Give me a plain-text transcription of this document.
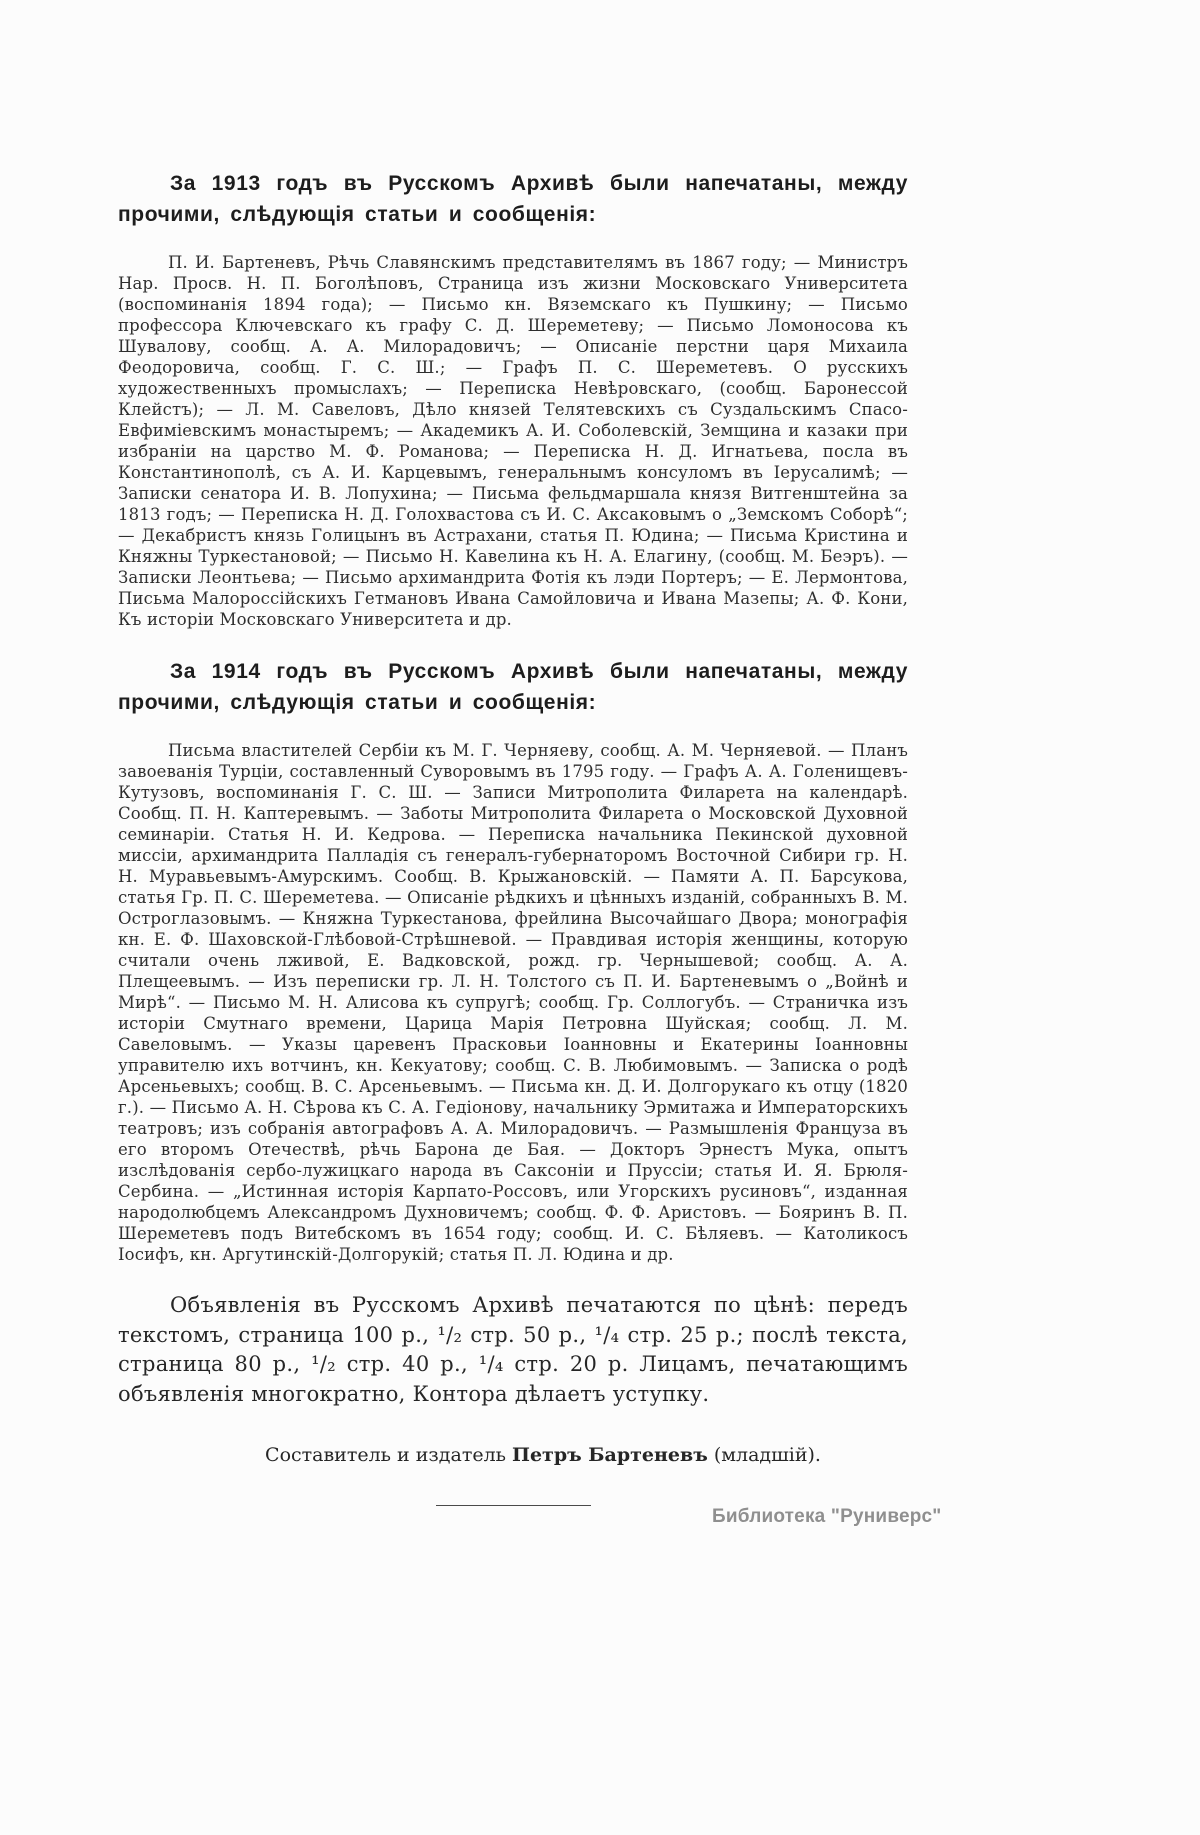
За 1913 годъ въ Русскомъ Архивѣ были напечатаны, между прочими, слѣдующія статьи и сообщенія:

П. И. Бартеневъ, Рѣчь Славянскимъ представителямъ въ 1867 году; — Министръ Нар. Просв. Н. П. Боголѣповъ, Страница изъ жизни Московскаго Университета (воспоминанія 1894 года); — Письмо кн. Вяземскаго къ Пушкину; — Письмо профессора Ключевскаго къ графу С. Д. Шереметеву; — Письмо Ломоносова къ Шувалову, сообщ. А. А. Милорадовичъ; — Описаніе перстни царя Михаила Феодоровича, сообщ. Г. С. Ш.; — Графъ П. С. Шереметевъ. О русскихъ художественныхъ промыслахъ; — Переписка Невѣровскаго, (сообщ. Баронессой Клейстъ); — Л. М. Савеловъ, Дѣло князей Телятевскихъ съ Суздальскимъ Спасо-Евфиміевскимъ монастыремъ; — Академикъ А. И. Соболевскій, Земщина и казаки при избраніи на царство М. Ф. Романова; — Переписка Н. Д. Игнатьева, посла въ Константинополѣ, съ А. И. Карцевымъ, генеральнымъ консуломъ въ Іерусалимѣ; — Записки сенатора И. В. Лопухина; — Письма фельдмаршала князя Витгенштейна за 1813 годъ; — Переписка Н. Д. Голохвастова съ И. С. Аксаковымъ о „Земскомъ Соборѣ“; — Декабристъ князь Голицынъ въ Астрахани, статья П. Юдина; — Письма Кристина и Княжны Туркестановой; — Письмо Н. Кавелина къ Н. А. Елагину, (сообщ. М. Беэръ). — Записки Леонтьева; — Письмо архимандрита Фотія къ лэди Портеръ; — Е. Лермонтова, Письма Малороссійскихъ Гетмановъ Ивана Самойловича и Ивана Мазепы; А. Ф. Кони, Къ исторіи Московскаго Университета и др.

За 1914 годъ въ Русскомъ Архивѣ были напечатаны, между прочими, слѣдующія статьи и сообщенія:

Письма властителей Сербіи къ М. Г. Черняеву, сообщ. А. М. Черняевой. — Планъ завоеванія Турціи, составленный Суворовымъ въ 1795 году. — Графъ А. А. Голенищевъ-Кутузовъ, воспоминанія Г. С. Ш. — Записи Митрополита Филарета на календарѣ. Сообщ. П. Н. Каптеревымъ. — Заботы Митрополита Филарета о Московской Духовной семинаріи. Статья Н. И. Кедрова. — Переписка начальника Пекинской духовной миссіи, архимандрита Палладія съ генералъ-губернаторомъ Восточной Сибири гр. Н. Н. Муравьевымъ-Амурскимъ. Сообщ. В. Крыжановскій. — Памяти А. П. Барсукова, статья Гр. П. С. Шереметева. — Описаніе рѣдкихъ и цѣнныхъ изданій, собранныхъ В. М. Остроглазовымъ. — Княжна Туркестанова, фрейлина Высочайшаго Двора; монографія кн. Е. Ф. Шаховской-Глѣбовой-Стрѣшневой. — Правдивая исторія женщины, которую считали очень лживой, Е. Вадковской, рожд. гр. Чернышевой; сообщ. А. А. Плещеевымъ. — Изъ переписки гр. Л. Н. Толстого съ П. И. Бартеневымъ о „Войнѣ и Мирѣ“. — Письмо М. Н. Алисова къ супругѣ; сообщ. Гр. Соллогубъ. — Страничка изъ исторіи Смутнаго времени, Царица Марія Петровна Шуйская; сообщ. Л. М. Савеловымъ. — Указы царевенъ Прасковьи Іоанновны и Екатерины Іоанновны управителю ихъ вотчинъ, кн. Кекуатову; сообщ. С. В. Любимовымъ. — Записка о родѣ Арсеньевыхъ; сообщ. В. С. Арсеньевымъ. — Письма кн. Д. И. Долгорукаго къ отцу (1820 г.). — Письмо А. Н. Сѣрова къ С. А. Гедіонову, начальнику Эрмитажа и Императорскихъ театровъ; изъ собранія автографовъ А. А. Милорадовичъ. — Размышленія Француза въ его второмъ Отечествѣ, рѣчь Барона де Бая. — Докторъ Эрнестъ Мука, опытъ изслѣдованія сербо-лужицкаго народа въ Саксоніи и Пруссіи; статья И. Я. Брюля-Сербина. — „Истинная исторія Карпато-Россовъ, или Угорскихъ русиновъ“, изданная народолюбцемъ Александромъ Духновичемъ; сообщ. Ф. Ф. Аристовъ. — Бояринъ В. П. Шереметевъ подъ Витебскомъ въ 1654 году; сообщ. И. С. Бѣляевъ. — Католикосъ Іосифъ, кн. Аргутинскій-Долгорукій; статья П. Л. Юдина и др.

Объявленія въ Русскомъ Архивѣ печатаются по цѣнѣ: передъ текстомъ, страница 100 р., ¹/₂ стр. 50 р., ¹/₄ стр. 25 р.; послѣ текста, страница 80 р., ¹/₂ стр. 40 р., ¹/₄ стр. 20 р. Лицамъ, печатающимъ объявленія многократно, Контора дѣлаетъ уступку.

Составитель и издатель Петръ Бартеневъ (младшій).

Библиотека "Руниверс"
